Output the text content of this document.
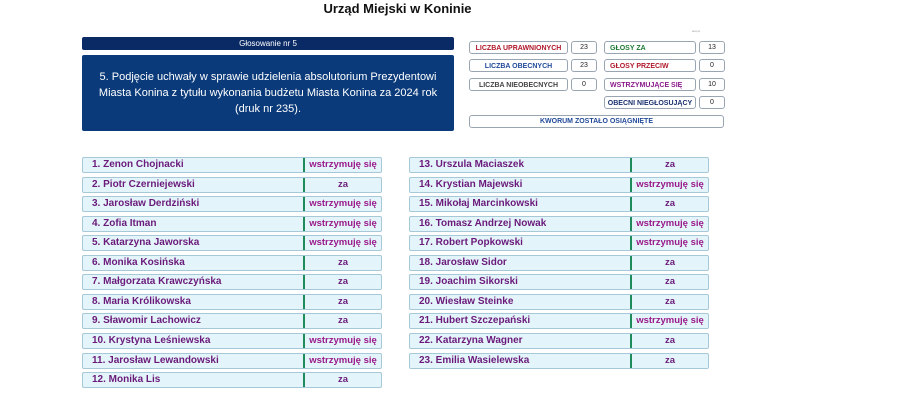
Urząd Miejski w Koninie
aos.pl
Głosowanie nr 5
5. Podjęcie uchwały w sprawie udzielenia absolutorium Prezydentowi Miasta Konina z tytułu wykonania budżetu Miasta Konina za 2024 rok (druk nr 235).
LICZBA UPRAWNIONYCH	23
LICZBA OBECNYCH	23
LICZBA NIEOBECNYCH	0
GŁOSY ZA	13
GŁOSY PRZECIW	0
WSTRZYMUJĄCE SIĘ	10
OBECNI NIEGŁOSUJĄCY	0
KWORUM ZOSTAŁO OSIĄGNIĘTE
1. Zenon Chojnacki	wstrzymuję się
2. Piotr Czerniejewski	za
3. Jarosław Derdziński	wstrzymuję się
4. Zofia Itman	wstrzymuję się
5. Katarzyna Jaworska	wstrzymuję się
6. Monika Kosińska	za
7. Małgorzata Krawczyńska	za
8. Maria Królikowska	za
9. Sławomir Lachowicz	za
10. Krystyna Leśniewska	wstrzymuję się
11. Jarosław Lewandowski	wstrzymuję się
12. Monika Lis	za
13. Urszula Maciaszek	za
14. Krystian Majewski	wstrzymuję się
15. Mikołaj Marcinkowski	za
16. Tomasz Andrzej Nowak	wstrzymuję się
17. Robert Popkowski	wstrzymuję się
18. Jarosław Sidor	za
19. Joachim Sikorski	za
20. Wiesław Steinke	za
21. Hubert Szczepański	wstrzymuję się
22. Katarzyna Wagner	za
23. Emilia Wasielewska	za
